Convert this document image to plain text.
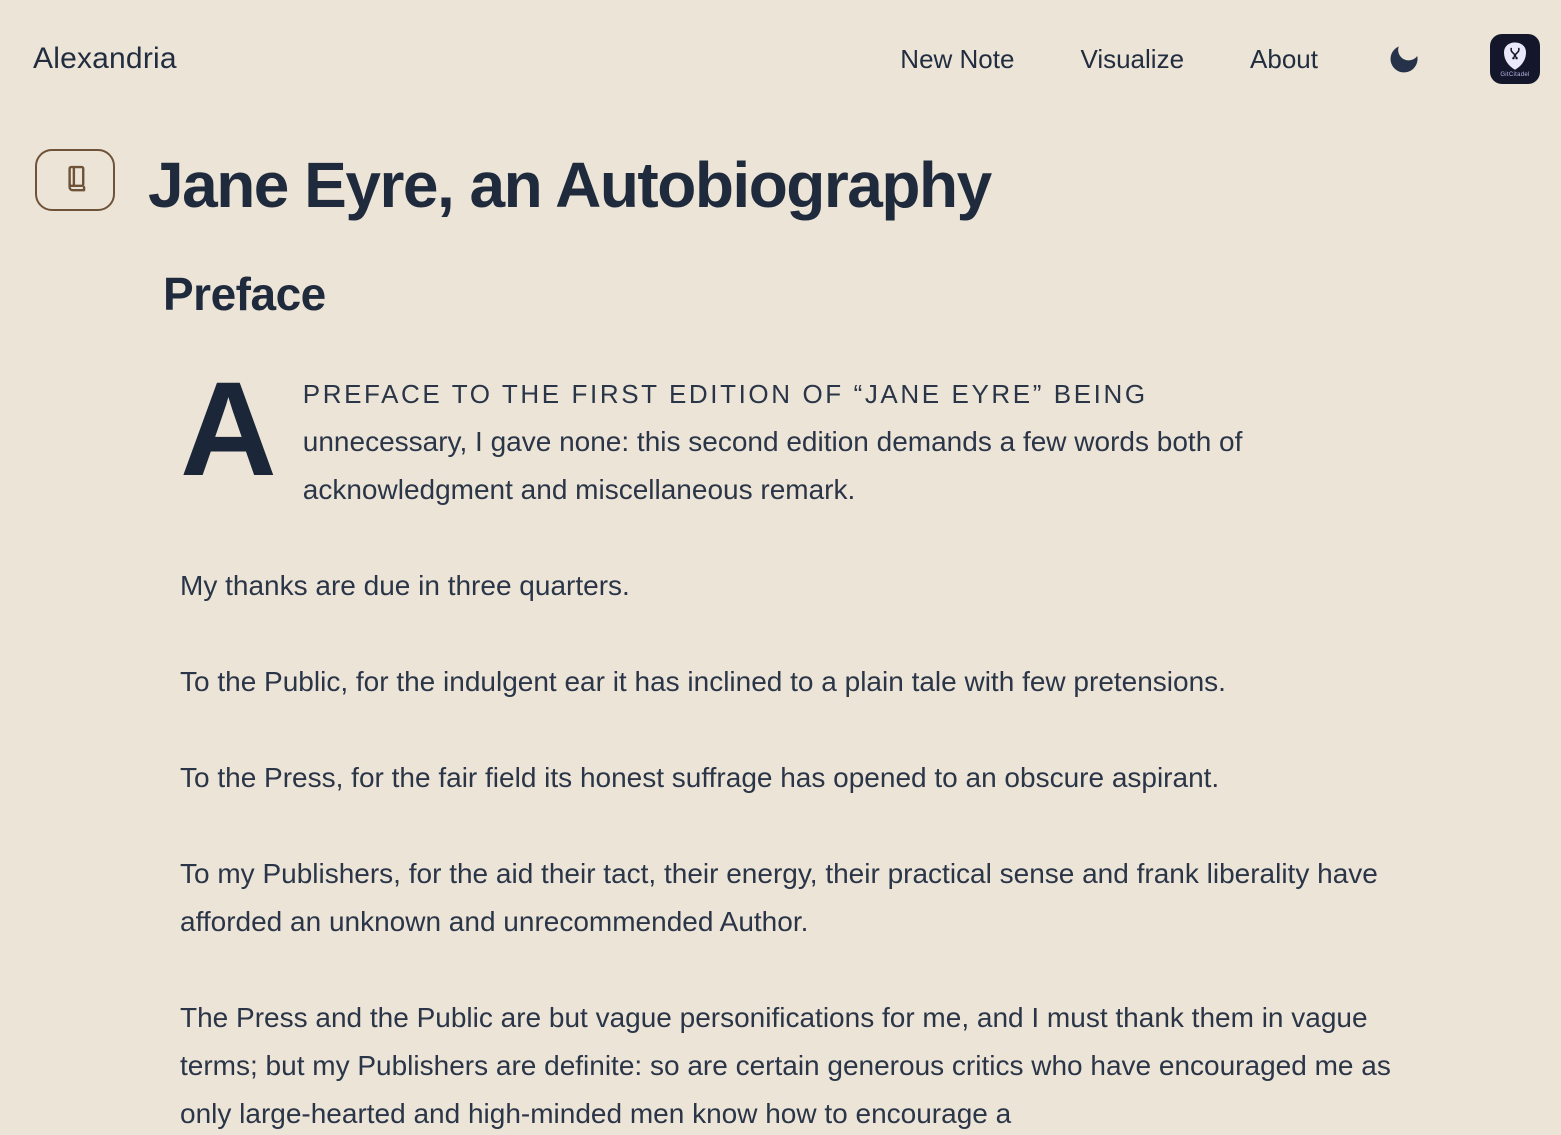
Alexandria	New Note	Visualize	About
GitCitadel
Jane Eyre, an Autobiography
Preface

A	PREFACE TO THE FIRST EDITION OF “JANE EYRE” BEING
unnecessary, I gave none: this second edition demands a few words both of acknowledgment and miscellaneous remark.

My thanks are due in three quarters.

To the Public, for the indulgent ear it has inclined to a plain tale with few pretensions.

To the Press, for the fair field its honest suffrage has opened to an obscure aspirant.

To my Publishers, for the aid their tact, their energy, their practical sense and frank liberality have afforded an unknown and unrecommended Author.

The Press and the Public are but vague personifications for me, and I must thank them in vague terms; but my Publishers are definite: so are certain generous critics who have encouraged me as only large-hearted and high-minded men know how to encourage a
